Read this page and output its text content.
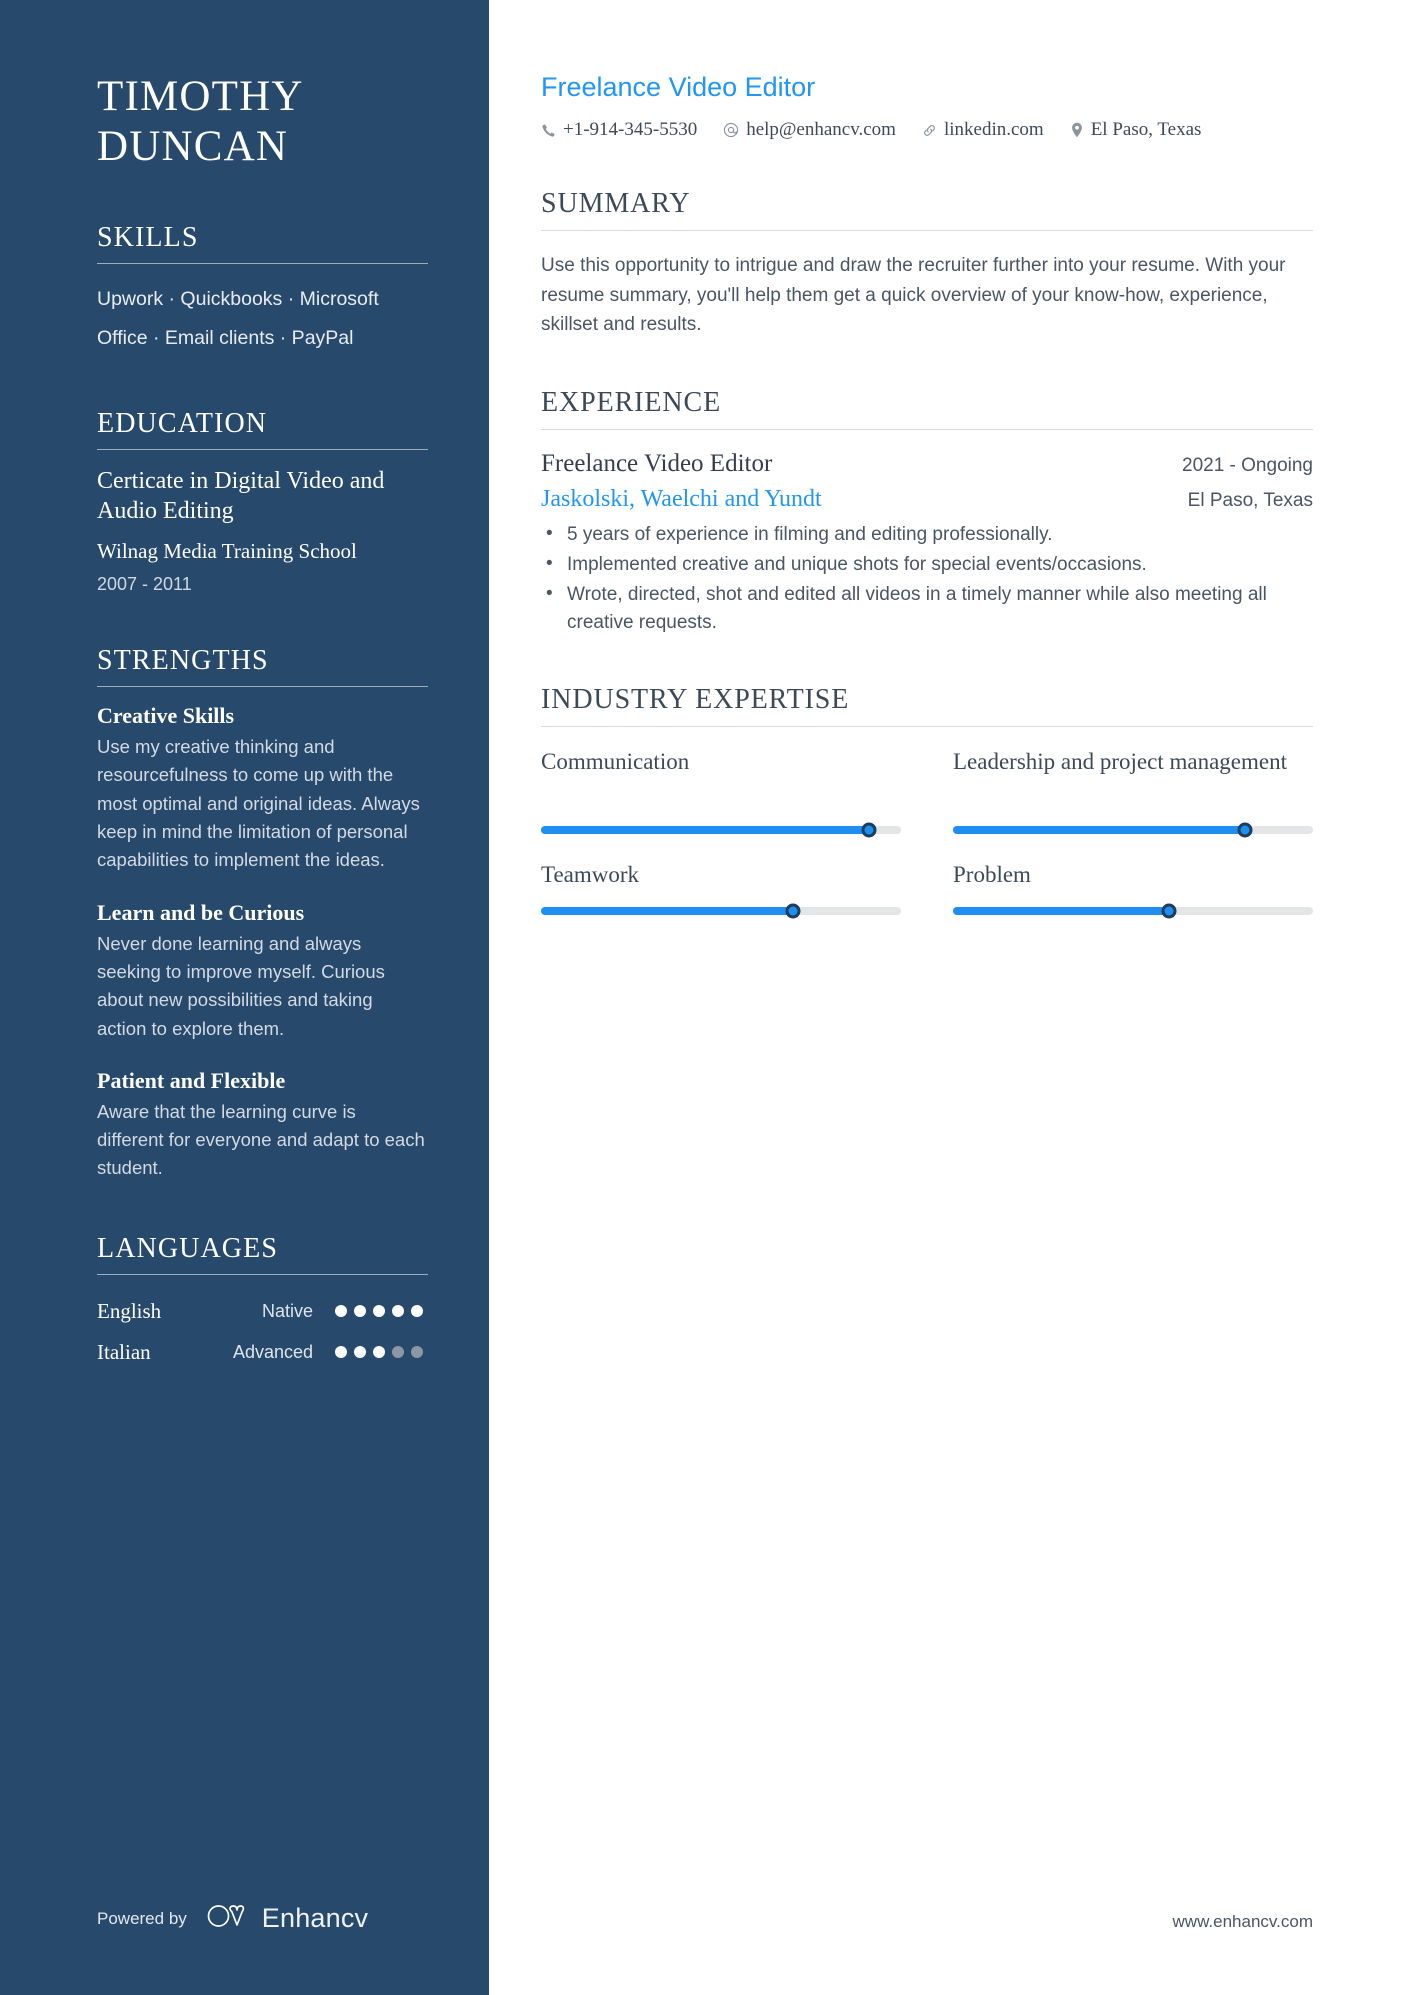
TIMOTHY
DUNCAN
SKILLS
Upwork · Quickbooks · Microsoft Office · Email clients · PayPal
EDUCATION
Certicate in Digital Video and Audio Editing
Wilnag Media Training School
2007 - 2011
STRENGTHS
Creative Skills
Use my creative thinking and resourcefulness to come up with the most optimal and original ideas. Always keep in mind the limitation of personal capabilities to implement the ideas.
Learn and be Curious
Never done learning and always seeking to improve myself. Curious about new possibilities and taking action to explore them.
Patient and Flexible
Aware that the learning curve is different for everyone and adapt to each student.
LANGUAGES
English	Native
Italian	Advanced
Powered by	Enhancv
Freelance Video Editor
+1-914-345-5530	help@enhancv.com	linkedin.com El Paso, Texas
SUMMARY

Use this opportunity to intrigue and draw the recruiter further into your resume. With your resume summary, you'll help them get a quick overview of your know-how, experience, skillset and results.

EXPERIENCE
Freelance Video Editor	2021 - Ongoing
Jaskolski, Waelchi and Yundt	El Paso, Texas
• 5 years of experience in filming and editing professionally.
• Implemented creative and unique shots for special events/occasions.
• Wrote, directed, shot and edited all videos in a timely manner while also meeting all creative requests.
INDUSTRY EXPERTISE
Communication	Leadership and project management
Teamwork	Problem
www.enhancv.com
